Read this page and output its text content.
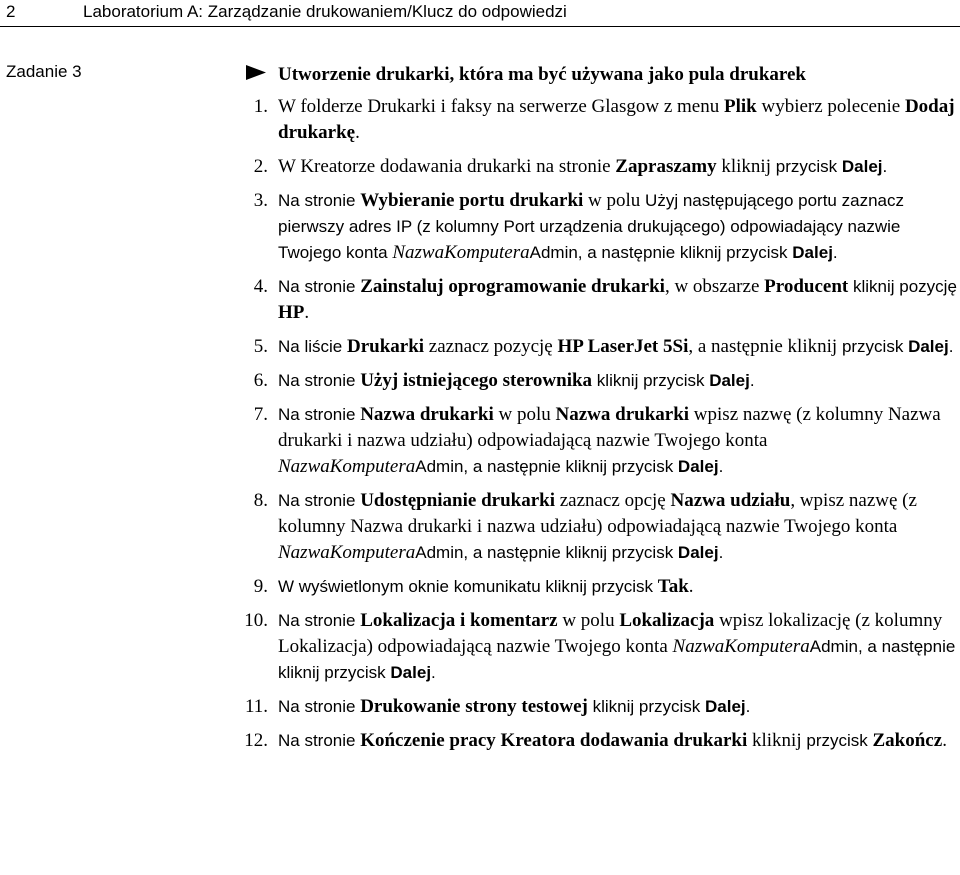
2	Laboratorium A: Zarządzanie drukowaniem/Klucz do odpowiedzi
Zadanie 3	Utworzenie drukarki, która ma być używana jako pula drukarek
1. W folderze Drukarki i faksy na serwerze Glasgow z menu Plik wybierz polecenie Dodaj drukarkę.
2. W Kreatorze dodawania drukarki na stronie Zapraszamy kliknij przycisk Dalej.
3. Na stronie Wybieranie portu drukarki w polu Użyj następującego portu zaznacz pierwszy adres IP (z kolumny Port urządzenia drukującego) odpowiadający nazwie Twojego konta NazwaKomputeraAdmin, a następnie kliknij przycisk Dalej.
4. Na stronie Zainstaluj oprogramowanie drukarki, w obszarze Producent kliknij pozycję HP.
5. Na liście Drukarki zaznacz pozycję HP LaserJet 5Si, a następnie kliknij przycisk Dalej.
6. Na stronie Użyj istniejącego sterownika kliknij przycisk Dalej.
7. Na stronie Nazwa drukarki w polu Nazwa drukarki wpisz nazwę (z kolumny Nazwa drukarki i nazwa udziału) odpowiadającą nazwie Twojego konta NazwaKomputeraAdmin, a następnie kliknij przycisk Dalej.
8. Na stronie Udostępnianie drukarki zaznacz opcję Nazwa udziału, wpisz nazwę (z kolumny Nazwa drukarki i nazwa udziału) odpowiadającą nazwie Twojego konta NazwaKomputeraAdmin, a następnie kliknij przycisk Dalej.
9. W wyświetlonym oknie komunikatu kliknij przycisk Tak.
10. Na stronie Lokalizacja i komentarz w polu Lokalizacja wpisz lokalizację (z kolumny Lokalizacja) odpowiadającą nazwie Twojego konta NazwaKomputeraAdmin, a następnie kliknij przycisk Dalej.
11. Na stronie Drukowanie strony testowej kliknij przycisk Dalej.
12. Na stronie Kończenie pracy Kreatora dodawania drukarki kliknij przycisk Zakończ.
